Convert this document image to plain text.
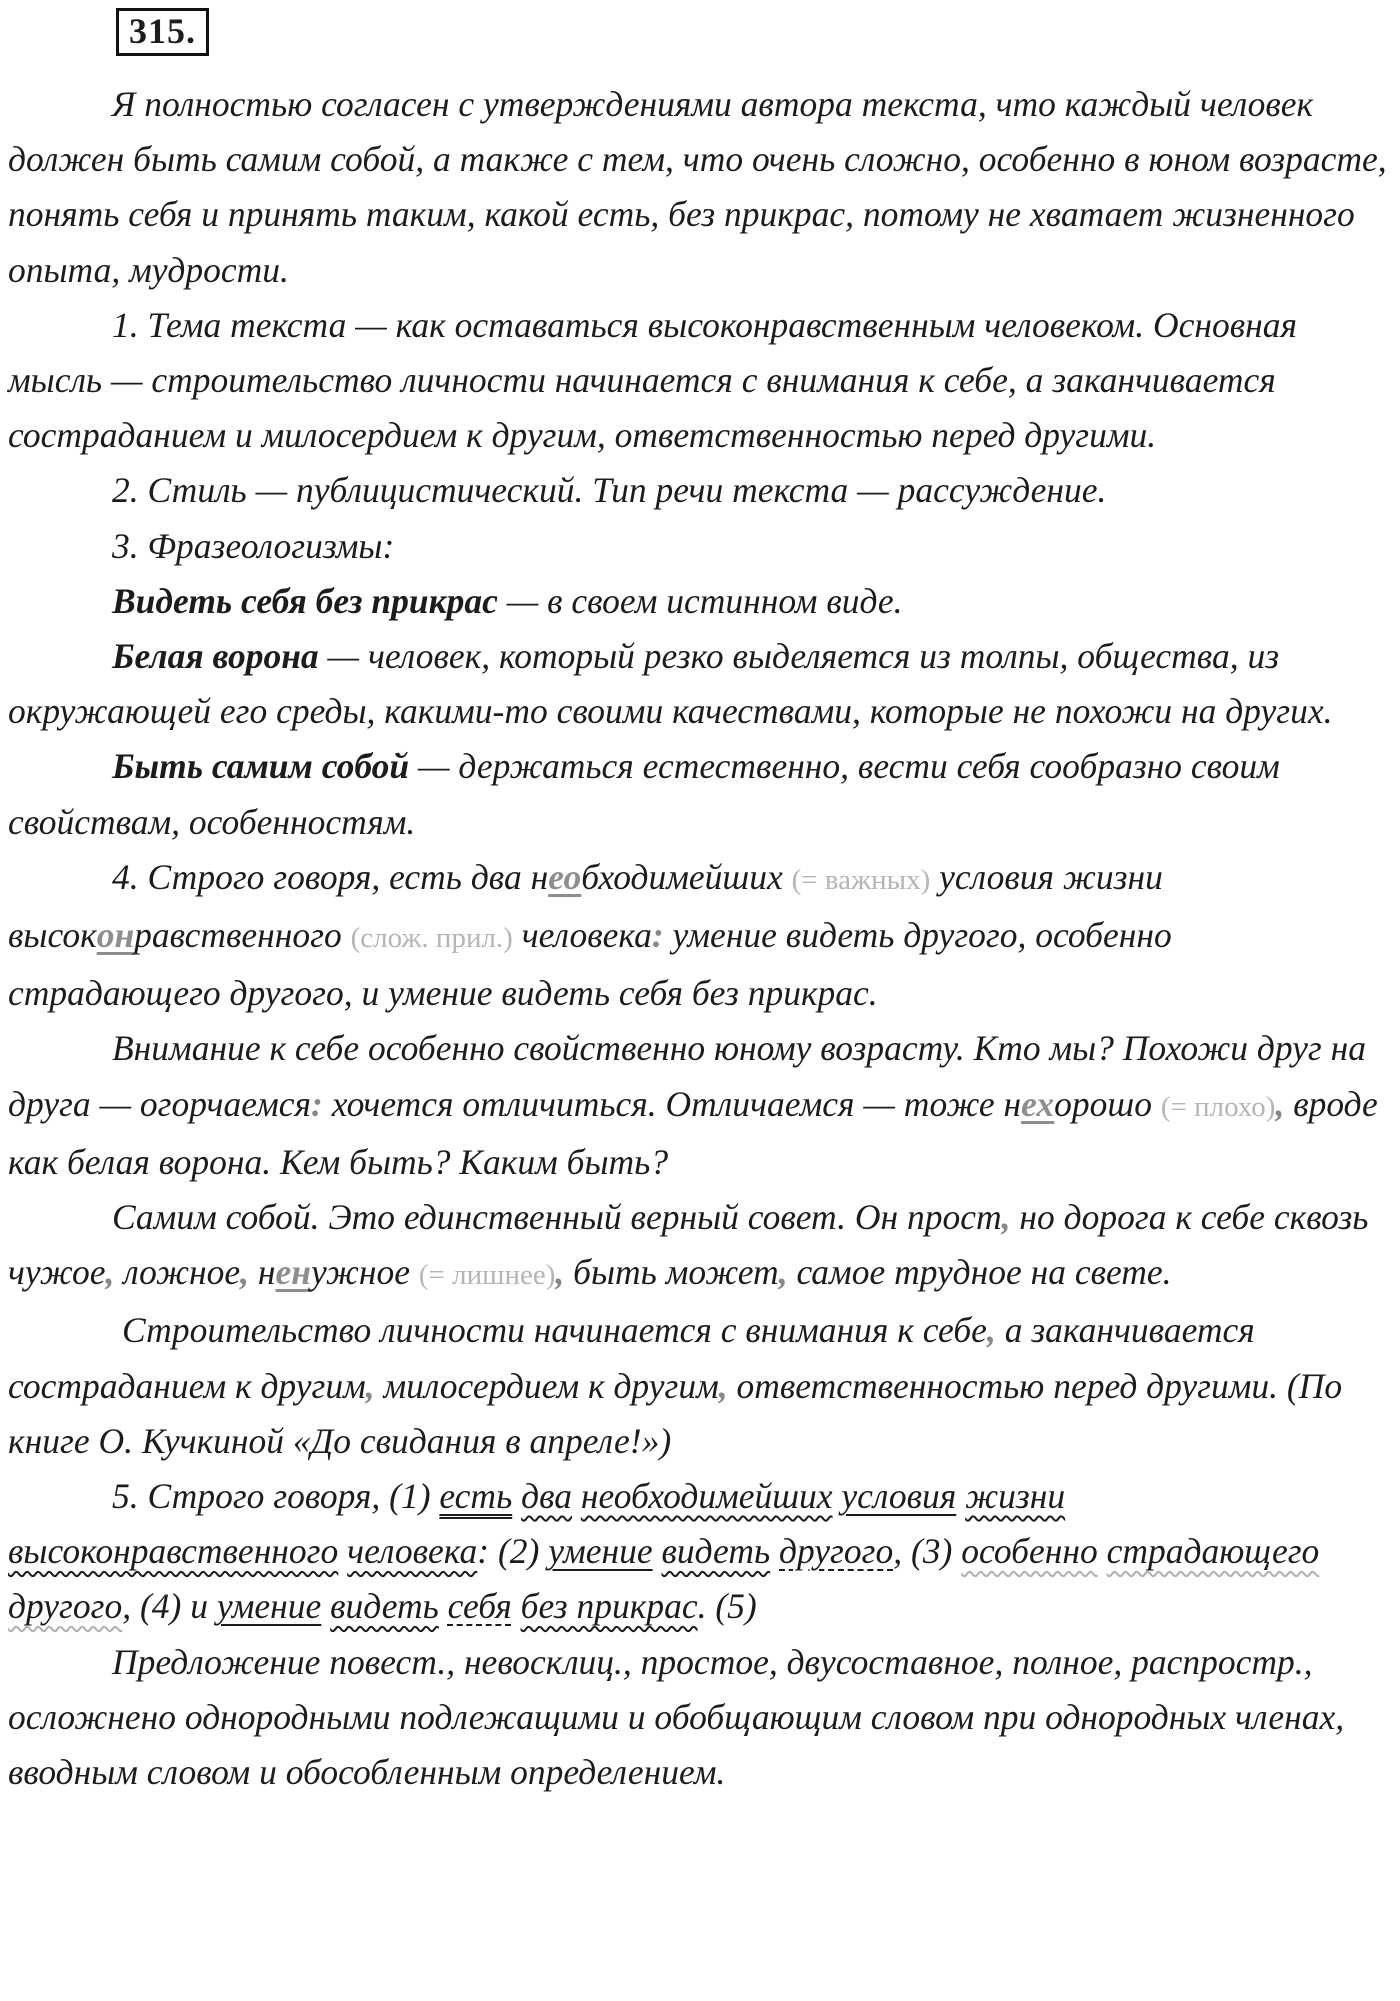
315.

Я полностью согласен с утверждениями автора текста, что каждый человек должен быть самим собой, а также с тем, что очень сложно, особенно в юном возрасте, понять себя и принять таким, какой есть, без прикрас, потому не хватает жизненного опыта, мудрости.

1. Тема текста — как оставаться высоконравственным человеком. Основная мысль — строительство личности начинается с внимания к себе, а заканчивается состраданием и милосердием к другим, ответственностью перед другими.

2. Стиль — публицистический. Тип речи текста — рассуждение.

3. Фразеологизмы:

Видеть себя без прикрас — в своем истинном виде.

Белая ворона — человек, который резко выделяется из толпы, общества, из окружающей его среды, какими-то своими качествами, которые не похожи на других.

Быть самим собой — держаться естественно, вести себя сообразно своим свойствам, особенностям.

4. Строго говоря, есть два необходимейших (= важных) условия жизни высоконравственного (слож. прил.) человека: умение видеть другого, особенно страдающего другого, и умение видеть себя без прикрас.

Внимание к себе особенно свойственно юному возрасту. Кто мы? Похожи друг на друга — огорчаемся: хочется отличиться. Отличаемся — тоже нехорошо (= плохо), вроде как белая ворона. Кем быть? Каким быть?

Самим собой. Это единственный верный совет. Он прост, но дорога к себе сквозь чужое, ложное, ненужное (= лишнее), быть может, самое трудное на свете.

Строительство личности начинается с внимания к себе, а заканчивается состраданием к другим, милосердием к другим, ответственностью перед другими. (По книге О. Кучкиной «До свидания в апреле!»)

5. Строго говоря, (1) есть два необходимейших условия жизни высоконравственного человека: (2) умение видеть другого, (3) особенно страдающего другого, (4) и умение видеть себя без прикрас. (5)

Предложение повест., невосклиц., простое, двусоставное, полное, распростр., осложнено однородными подлежащими и обобщающим словом при однородных членах, вводным словом и обособленным определением.
